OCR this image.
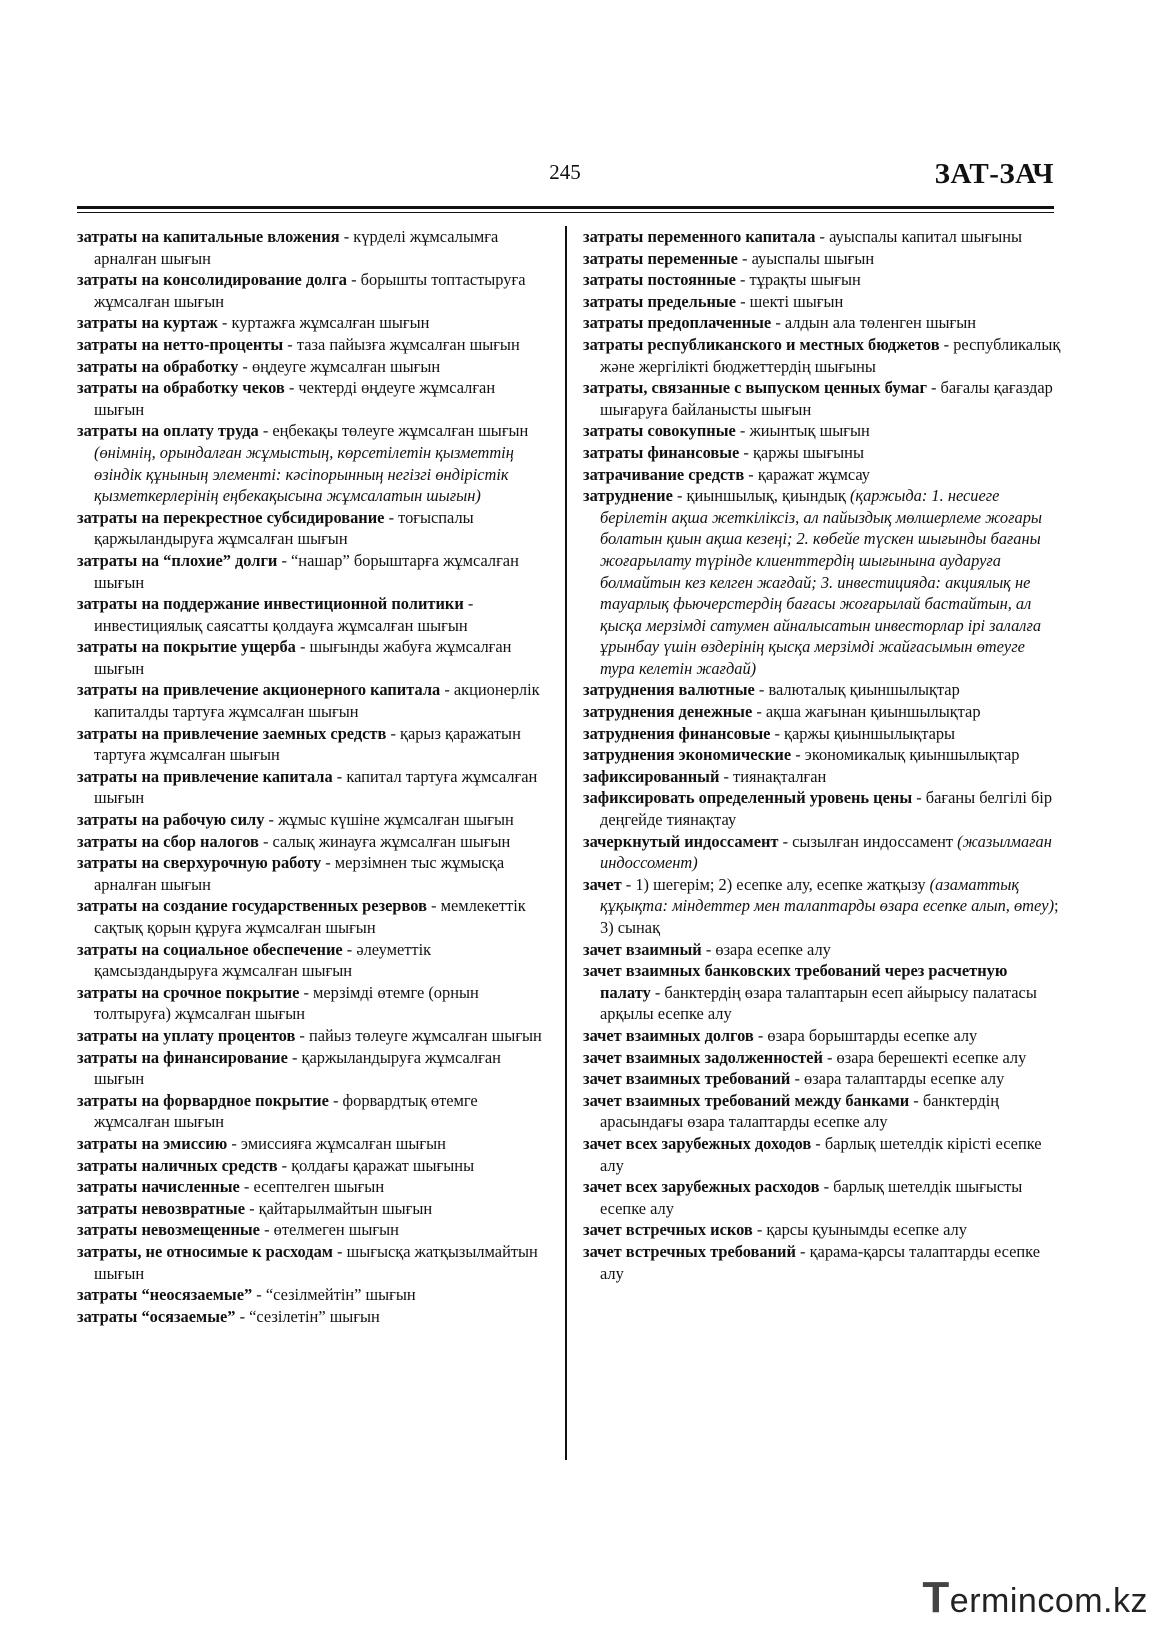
245	ЗАТ-ЗАЧ

затраты на капитальные вложения - күрделі жұмсалымға арналған шығын

затраты на консолидирование долга - борышты топтастыруға жұмсалған шығын

затраты на куртаж - куртажға жұмсалған шығын

затраты на нетто-проценты - таза пайызға жұмсалған шығын

затраты на обработку - өңдеуге жұмсалған шығын

затраты на обработку чеков - чектерді өңдеуге жұмсалған шығын

затраты на оплату труда - еңбекақы төлеуге жұмсалған шығын (өнімнің, орындалған жұмыстың, көрсетілетін қызметтің өзіндік құнының элементі: кәсіпорынның негізгі өндірістік қызметкерлерінің еңбекақысына жұмсалатын шығын)

затраты на перекрестное субсидирование - тоғыспалы қаржыландыруға жұмсалған шығын

затраты на “плохие” долги - “нашар” борыштарға жұмсалған шығын

затраты на поддержание инвестиционной политики - инвестициялық саясатты қолдауға жұмсалған шығын

затраты на покрытие ущерба - шығынды жабуға жұмсалған шығын

затраты на привлечение акционерного капитала - акционерлік капиталды тартуға жұмсалған шығын

затраты на привлечение заемных средств - қарыз қаражатын тартуға жұмсалған шығын

затраты на привлечение капитала - капитал тартуға жұмсалған шығын

затраты на рабочую силу - жұмыс күшіне жұмсалған шығын

затраты на сбор налогов - салық жинауға жұмсалған шығын

затраты на сверхурочную работу - мерзімнен тыс жұмысқа арналған шығын

затраты на создание государственных резервов - мемлекеттік сақтық қорын құруға жұмсалған шығын

затраты на социальное обеспечение - әлеуметтік қамсыздандыруға жұмсалған шығын

затраты на срочное покрытие - мерзімді өтемге (орнын толтыруға) жұмсалған шығын

затраты на уплату процентов - пайыз төлеуге жұмсалған шығын

затраты на финансирование - қаржыландыруға жұмсалған шығын

затраты на форвардное покрытие - форвардтық өтемге жұмсалған шығын

затраты на эмиссию - эмиссияға жұмсалған шығын

затраты наличных средств - қолдағы қаражат шығыны

затраты начисленные - есептелген шығын

затраты невозвратные - қайтарылмайтын шығын

затраты невозмещенные - өтелмеген шығын

затраты, не относимые к расходам - шығысқа жатқызылмайтын шығын

затраты “неосязаемые” - “сезілмейтін” шығын

затраты “осязаемые” - “сезілетін” шығын

затраты переменного капитала - ауыспалы капитал шығыны

затраты переменные - ауыспалы шығын

затраты постоянные - тұрақты шығын

затраты предельные - шекті шығын

затраты предоплаченные - алдын ала төленген шығын

затраты республиканского и местных бюджетов - республикалық және жергілікті бюджеттердің шығыны

затраты, связанные с выпуском ценных бумаг - бағалы қағаздар шығаруға байланысты шығын

затраты совокупные - жиынтық шығын

затраты финансовые - қаржы шығыны

затрачивание средств - қаражат жұмсау

затруднение - қиыншылық, қиындық (қаржыда: 1. несиеге берілетін ақша жеткіліксіз, ал пайыздық мөлшерлеме жоғары болатын қиын ақша кезеңі; 2. көбейе түскен шығынды бағаны жоғарылату түрінде клиенттердің шығынына аударуға болмайтын кез келген жағдай; 3. инвестицияда: акциялық не тауарлық фьючерстердің бағасы жоғарылай бастайтын, ал қысқа мерзімді сатумен айналысатын инвесторлар ірі залалға ұрынбау үшін өздерінің қысқа мерзімді жайғасымын өтеуге тура келетін жағдай)

затруднения валютные - валюталық қиыншылықтар

затруднения денежные - ақша жағынан қиыншылықтар

затруднения финансовые - қаржы қиыншылықтары

затруднения экономические - экономикалық қиыншылықтар

зафиксированный - тиянақталған

зафиксировать определенный уровень цены - бағаны белгілі бір деңгейде тиянақтау

зачеркнутый индоссамент - сызылған индоссамент (жазылмаған индоссомент)

зачет - 1) шегерім; 2) есепке алу, есепке жатқызу (азаматтық құқықта: міндеттер мен талаптарды өзара есепке алып, өтеу); 3) сынақ

зачет взаимный - өзара есепке алу

зачет взаимных банковских требований через расчетную палату - банктердің өзара талаптарын есеп айырысу палатасы арқылы есепке алу

зачет взаимных долгов - өзара борыштарды есепке алу

зачет взаимных задолженностей - өзара берешекті есепке алу

зачет взаимных требований - өзара талаптарды есепке алу

зачет взаимных требований между банками - банктердің арасындағы өзара талаптарды есепке алу

зачет всех зарубежных доходов - барлық шетелдік кірісті есепке алу

зачет всех зарубежных расходов - барлық шетелдік шығысты есепке алу

зачет встречных исков - қарсы қуынымды есепке алу

зачет встречных требований - қарама-қарсы талаптарды есепке алу

Termincom.kz
